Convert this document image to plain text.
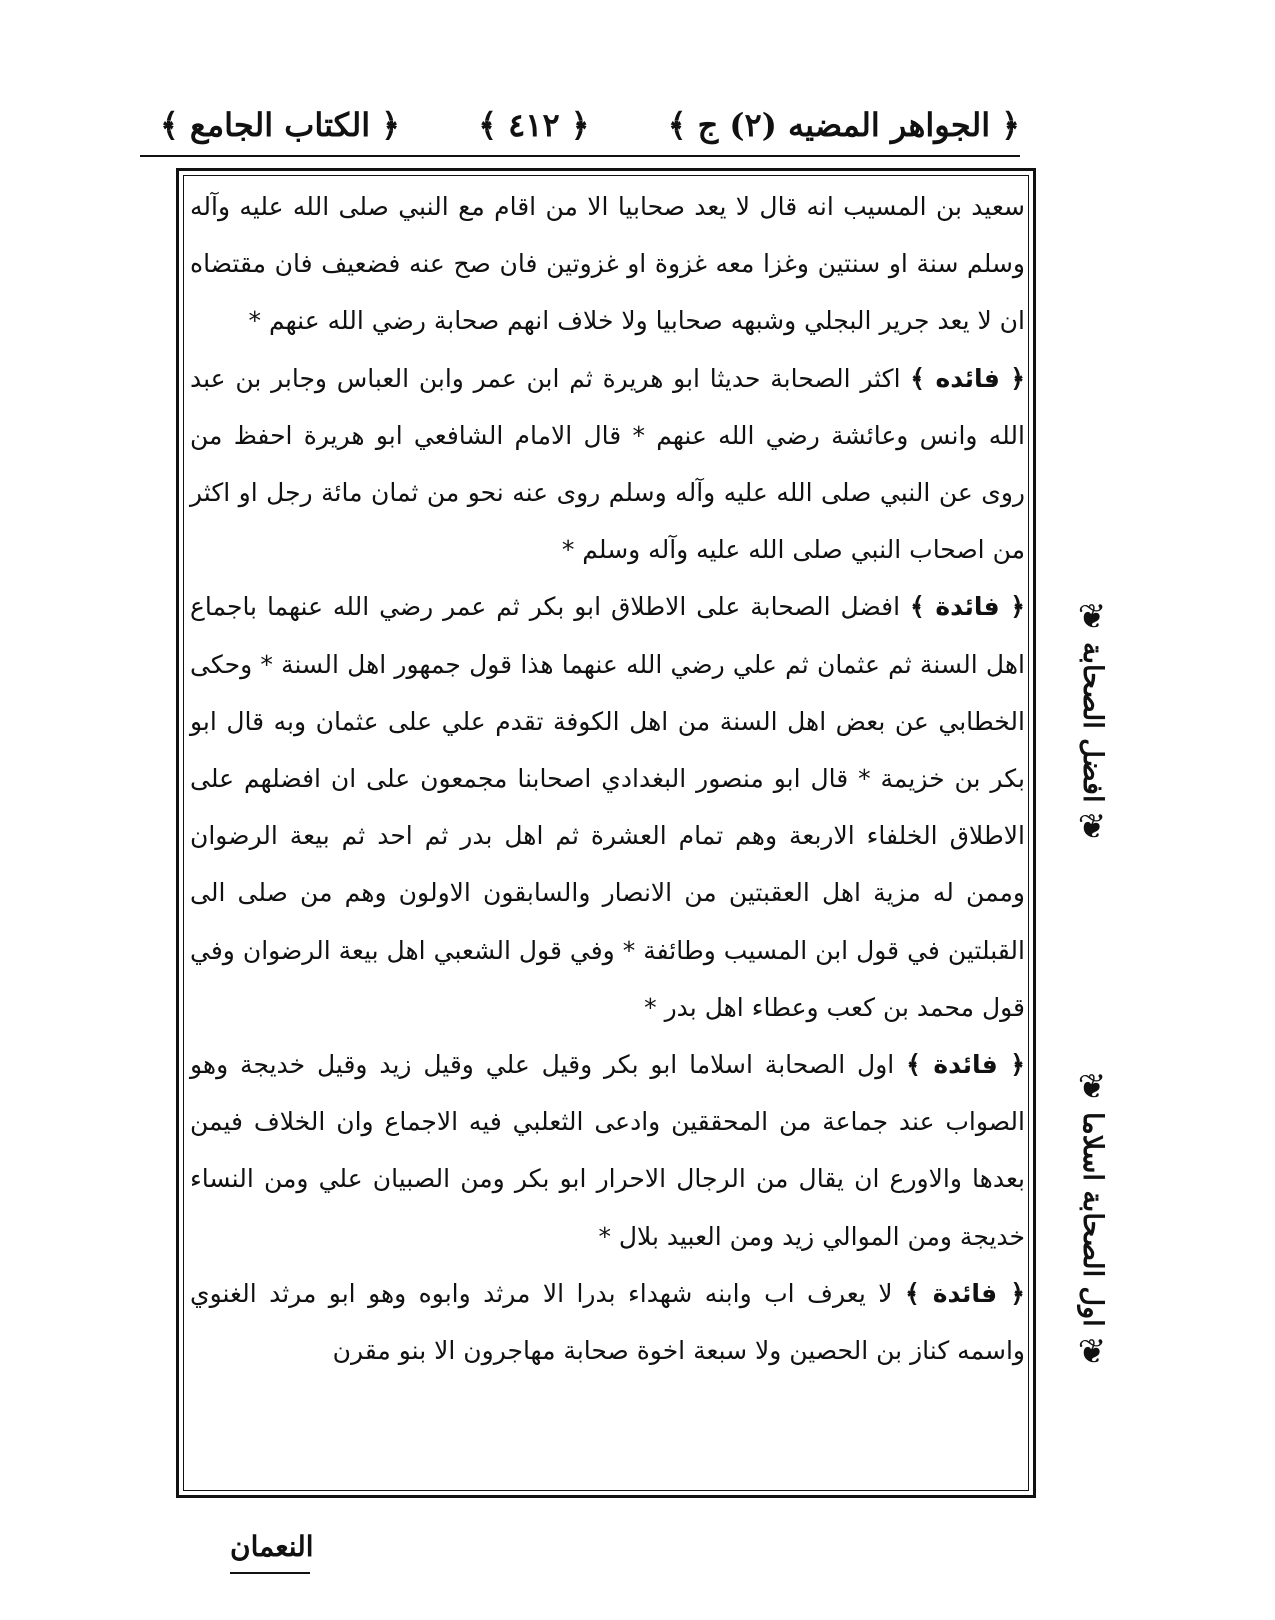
﴿ الجواهر المضيه (٢) ج ﴾
﴿ ٤١٢ ﴾
﴿ الكتاب الجامع ﴾

سعيد بن المسيب انه قال لا يعد صحابيا الا من اقام مع النبي صلى الله عليه وآله وسلم سنة او سنتين وغزا معه غزوة او غزوتين فان صح عنه فضعيف فان مقتضاه ان لا يعد جرير البجلي وشبهه صحابيا ولا خلاف انهم صحابة رضي الله عنهم *

﴿ فائده ﴾ اكثر الصحابة حديثا ابو هريرة ثم ابن عمر وابن العباس وجابر بن عبد الله وانس وعائشة رضي الله عنهم * قال الامام الشافعي ابو هريرة احفظ من روى عن النبي صلى الله عليه وآله وسلم روى عنه نحو من ثمان مائة رجل او اكثر من اصحاب النبي صلى الله عليه وآله وسلم *

﴿ فائدة ﴾ افضل الصحابة على الاطلاق ابو بكر ثم عمر رضي الله عنهما باجماع اهل السنة ثم عثمان ثم علي رضي الله عنهما هذا قول جمهور اهل السنة * وحكى الخطابي عن بعض اهل السنة من اهل الكوفة تقدم علي على عثمان وبه قال ابو بكر بن خزيمة * قال ابو منصور البغدادي اصحابنا مجمعون على ان افضلهم على الاطلاق الخلفاء الاربعة وهم تمام العشرة ثم اهل بدر ثم احد ثم بيعة الرضوان وممن له مزية اهل العقبتين من الانصار والسابقون الاولون وهم من صلى الى القبلتين في قول ابن المسيب وطائفة * وفي قول الشعبي اهل بيعة الرضوان وفي قول محمد بن كعب وعطاء اهل بدر *

﴿ فائدة ﴾ اول الصحابة اسلاما ابو بكر وقيل علي وقيل زيد وقيل خديجة وهو الصواب عند جماعة من المحققين وادعى الثعلبي فيه الاجماع وان الخلاف فيمن بعدها والاورع ان يقال من الرجال الاحرار ابو بكر ومن الصبيان علي ومن النساء خديجة ومن الموالي زيد ومن العبيد بلال *

﴿ فائدة ﴾ لا يعرف اب وابنه شهداء بدرا الا مرثد وابوه وهو ابو مرثد الغنوي واسمه كناز بن الحصين ولا سبعة اخوة صحابة مهاجرون الا بنو مقرن

❦
افضل الصحابة
❦
❦
اول الصحابة اسلاما
❦
النعمان
